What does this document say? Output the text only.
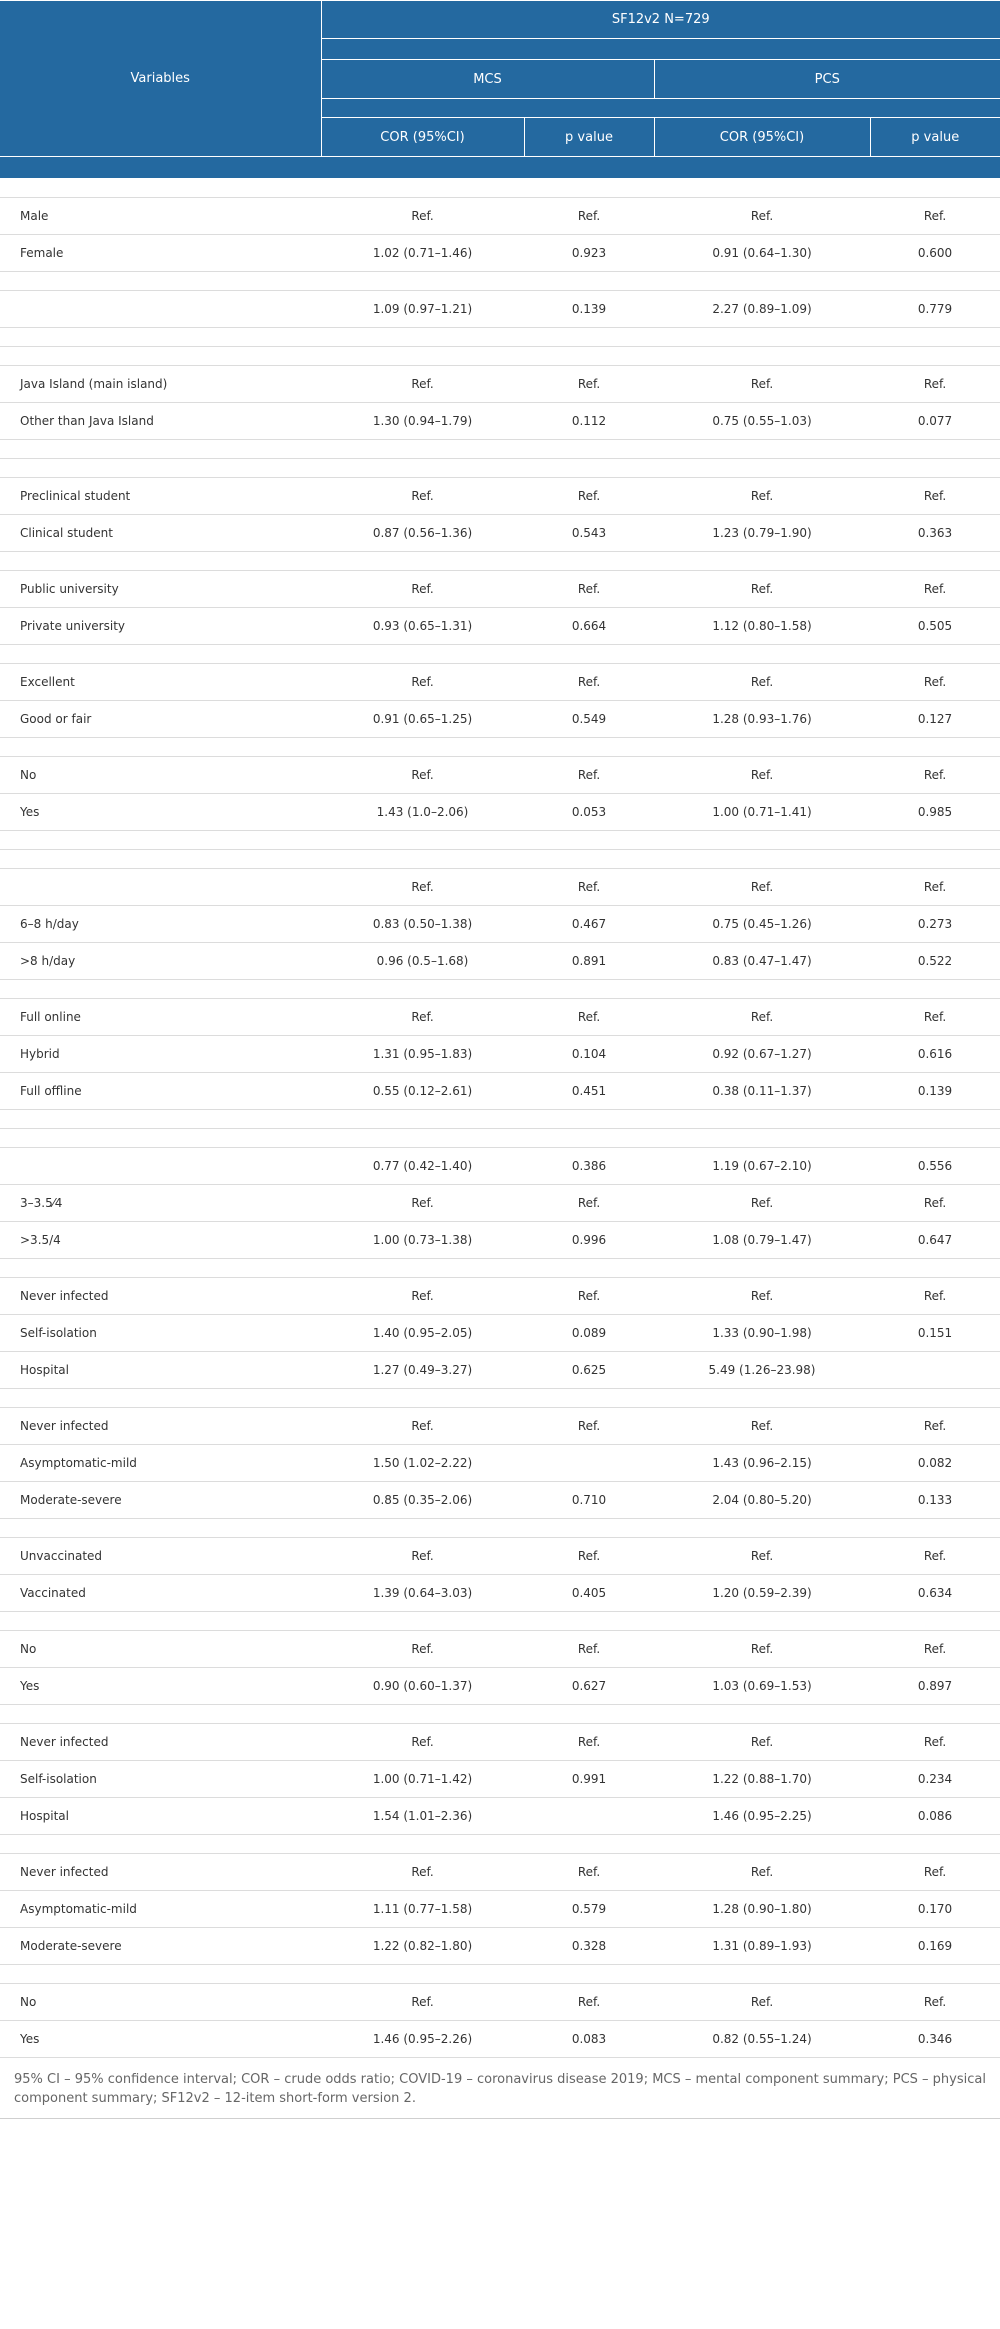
Variables	SF12v2 N=729			

	MCS		PCS	

	COR (95%CI)	p value	COR (95%CI)	p value

Male	Ref.	Ref.	Ref.	Ref.
Female	1.02 (0.71–1.46)	0.923	0.91 (0.64–1.30)	0.600

	1.09 (0.97–1.21)	0.139	2.27 (0.89–1.09)	0.779

Java Island (main island)	Ref.	Ref.	Ref.	Ref.
Other than Java Island	1.30 (0.94–1.79)	0.112	0.75 (0.55–1.03)	0.077

Preclinical student	Ref.	Ref.	Ref.	Ref.
Clinical student	0.87 (0.56–1.36)	0.543	1.23 (0.79–1.90)	0.363

Public university	Ref.	Ref.	Ref.	Ref.
Private university	0.93 (0.65–1.31)	0.664	1.12 (0.80–1.58)	0.505

Excellent	Ref.	Ref.	Ref.	Ref.
Good or fair	0.91 (0.65–1.25)	0.549	1.28 (0.93–1.76)	0.127

No	Ref.	Ref.	Ref.	Ref.
Yes	1.43 (1.0–2.06)	0.053	1.00 (0.71–1.41)	0.985

	Ref.	Ref.	Ref.	Ref.
6–8 h/day	0.83 (0.50–1.38)	0.467	0.75 (0.45–1.26)	0.273
>8 h/day	0.96 (0.5–1.68)	0.891	0.83 (0.47–1.47)	0.522

Full online	Ref.	Ref.	Ref.	Ref.
Hybrid	1.31 (0.95–1.83)	0.104	0.92 (0.67–1.27)	0.616
Full offline	0.55 (0.12–2.61)	0.451	0.38 (0.11–1.37)	0.139

	0.77 (0.42–1.40)	0.386	1.19 (0.67–2.10)	0.556
3–3.5⁄4	Ref.	Ref.	Ref.	Ref.
>3.5/4	1.00 (0.73–1.38)	0.996	1.08 (0.79–1.47)	0.647

Never infected	Ref.	Ref.	Ref.	Ref.
Self-isolation	1.40 (0.95–2.05)	0.089	1.33 (0.90–1.98)	0.151
Hospital	1.27 (0.49–3.27)	0.625	5.49 (1.26–23.98)	

Never infected	Ref.	Ref.	Ref.	Ref.
Asymptomatic-mild	1.50 (1.02–2.22)		1.43 (0.96–2.15)	0.082
Moderate-severe	0.85 (0.35–2.06)	0.710	2.04 (0.80–5.20)	0.133

Unvaccinated	Ref.	Ref.	Ref.	Ref.
Vaccinated	1.39 (0.64–3.03)	0.405	1.20 (0.59–2.39)	0.634

No	Ref.	Ref.	Ref.	Ref.
Yes	0.90 (0.60–1.37)	0.627	1.03 (0.69–1.53)	0.897

Never infected	Ref.	Ref.	Ref.	Ref.
Self-isolation	1.00 (0.71–1.42)	0.991	1.22 (0.88–1.70)	0.234
Hospital	1.54 (1.01–2.36)		1.46 (0.95–2.25)	0.086

Never infected	Ref.	Ref.	Ref.	Ref.
Asymptomatic-mild	1.11 (0.77–1.58)	0.579	1.28 (0.90–1.80)	0.170
Moderate-severe	1.22 (0.82–1.80)	0.328	1.31 (0.89–1.93)	0.169

No	Ref.	Ref.	Ref.	Ref.
Yes	1.46 (0.95–2.26)	0.083	0.82 (0.55–1.24)	0.346
95% CI – 95% confidence interval; COR – crude odds ratio; COVID-19 – coronavirus disease 2019; MCS – mental component summary; PCS – physical component summary; SF12v2 – 12-item short-form version 2.
